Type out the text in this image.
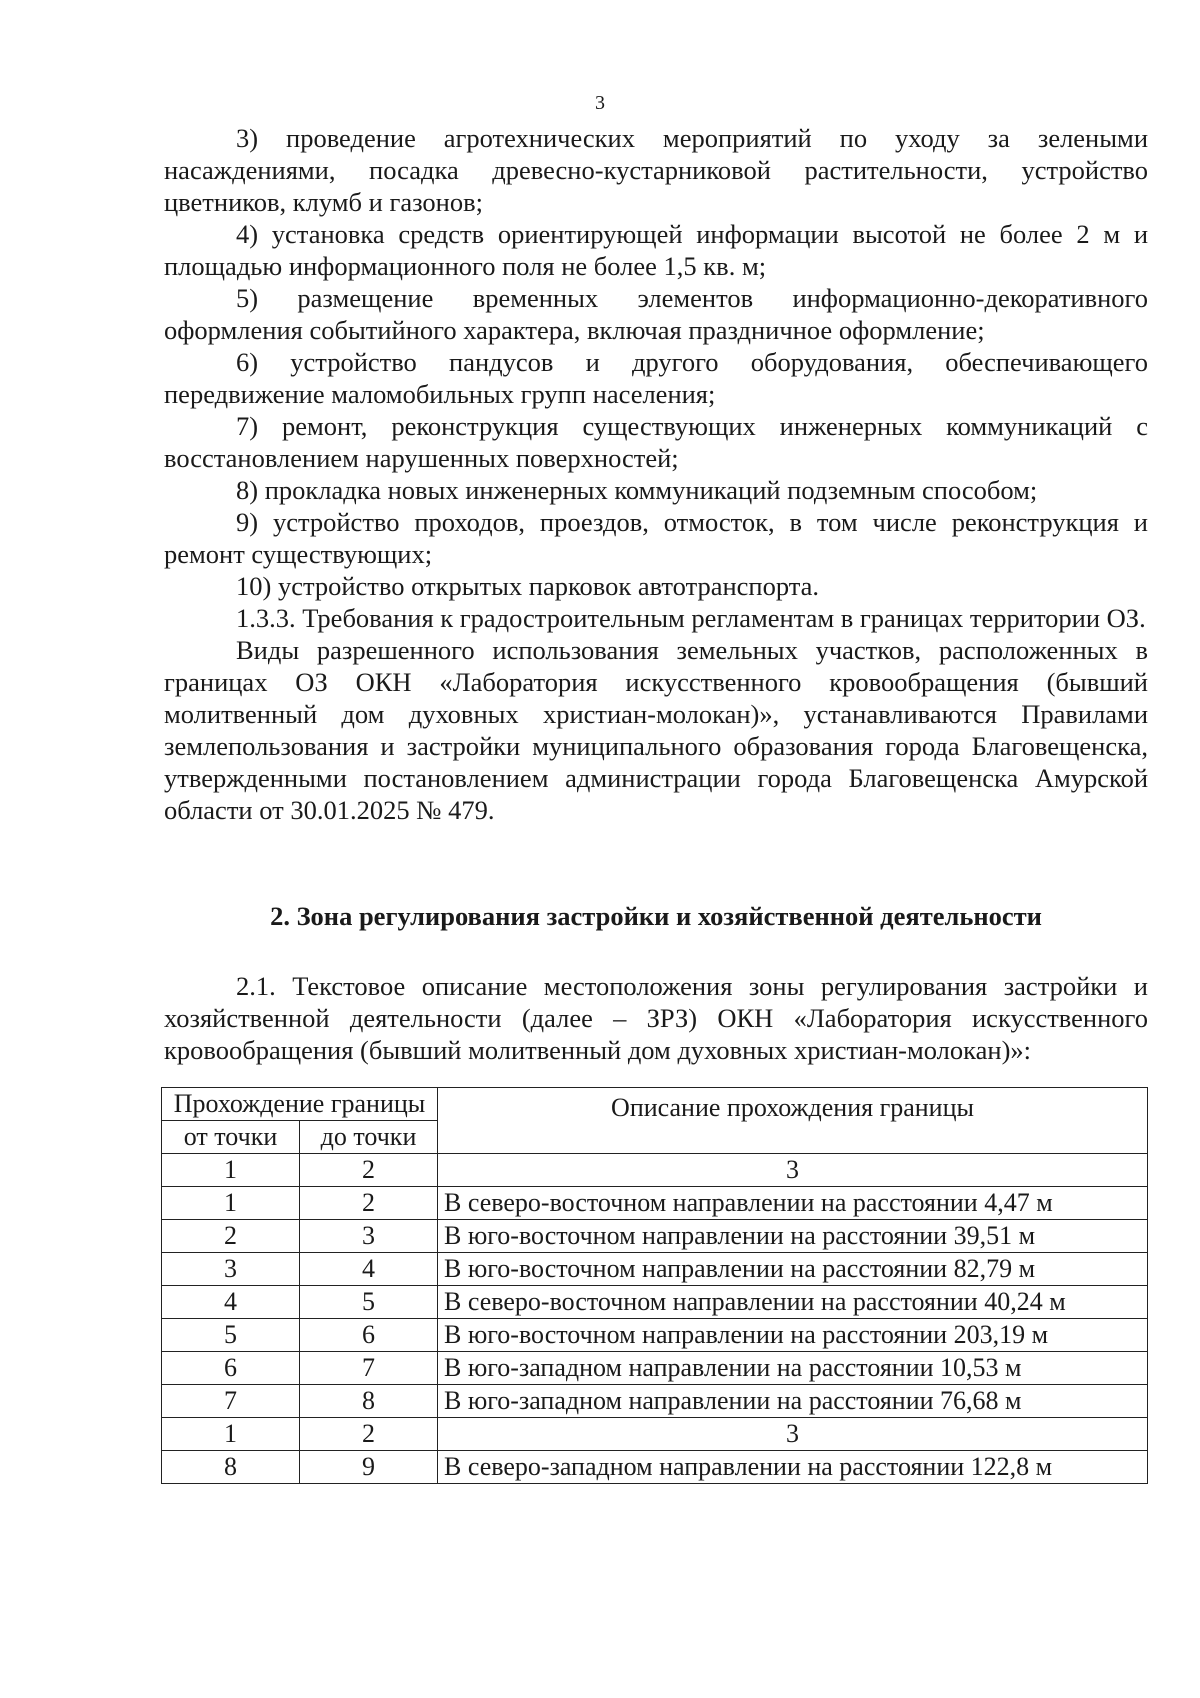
3

3) проведение агротехнических мероприятий по уходу за зелеными насаждениями, посадка древесно-кустарниковой растительности, устройство цветников, клумб и газонов;

4) установка средств ориентирующей информации высотой не более 2 м и площадью информационного поля не более 1,5 кв. м;

5) размещение временных элементов информационно-декоративного оформления событийного характера, включая праздничное оформление;

6) устройство пандусов и другого оборудования, обеспечивающего передвижение маломобильных групп населения;

7) ремонт, реконструкция существующих инженерных коммуникаций с восстановлением нарушенных поверхностей;

8) прокладка новых инженерных коммуникаций подземным способом;

9) устройство проходов, проездов, отмосток, в том числе реконструкция и ремонт существующих;

10) устройство открытых парковок автотранспорта.

1.3.3. Требования к градостроительным регламентам в границах территории ОЗ.

Виды разрешенного использования земельных участков, расположенных в границах ОЗ ОКН «Лаборатория искусственного кровообращения (бывший молитвенный дом духовных христиан-молокан)», устанавливаются Правилами землепользования и застройки муниципального образования города Благовещенска, утвержденными постановлением администрации города Благовещенска Амурской области от 30.01.2025 № 479.

2. Зона регулирования застройки и хозяйственной деятельности

2.1. Текстовое описание местоположения зоны регулирования застройки и хозяйственной деятельности (далее – ЗРЗ) ОКН «Лаборатория искусственного кровообращения (бывший молитвенный дом духовных христиан-молокан)»:

Прохождение границы		Описание прохождения границы
от точки	до точки	
1	2	3
1	2	В северо-восточном направлении на расстоянии 4,47 м
2	3	В юго-восточном направлении на расстоянии 39,51 м
3	4	В юго-восточном направлении на расстоянии 82,79 м
4	5	В северо-восточном направлении на расстоянии 40,24 м
5	6	В юго-восточном направлении на расстоянии 203,19 м
6	7	В юго-западном направлении на расстоянии 10,53 м
7	8	В юго-западном направлении на расстоянии 76,68 м
1	2	3
8	9	В северо-западном направлении на расстоянии 122,8 м
